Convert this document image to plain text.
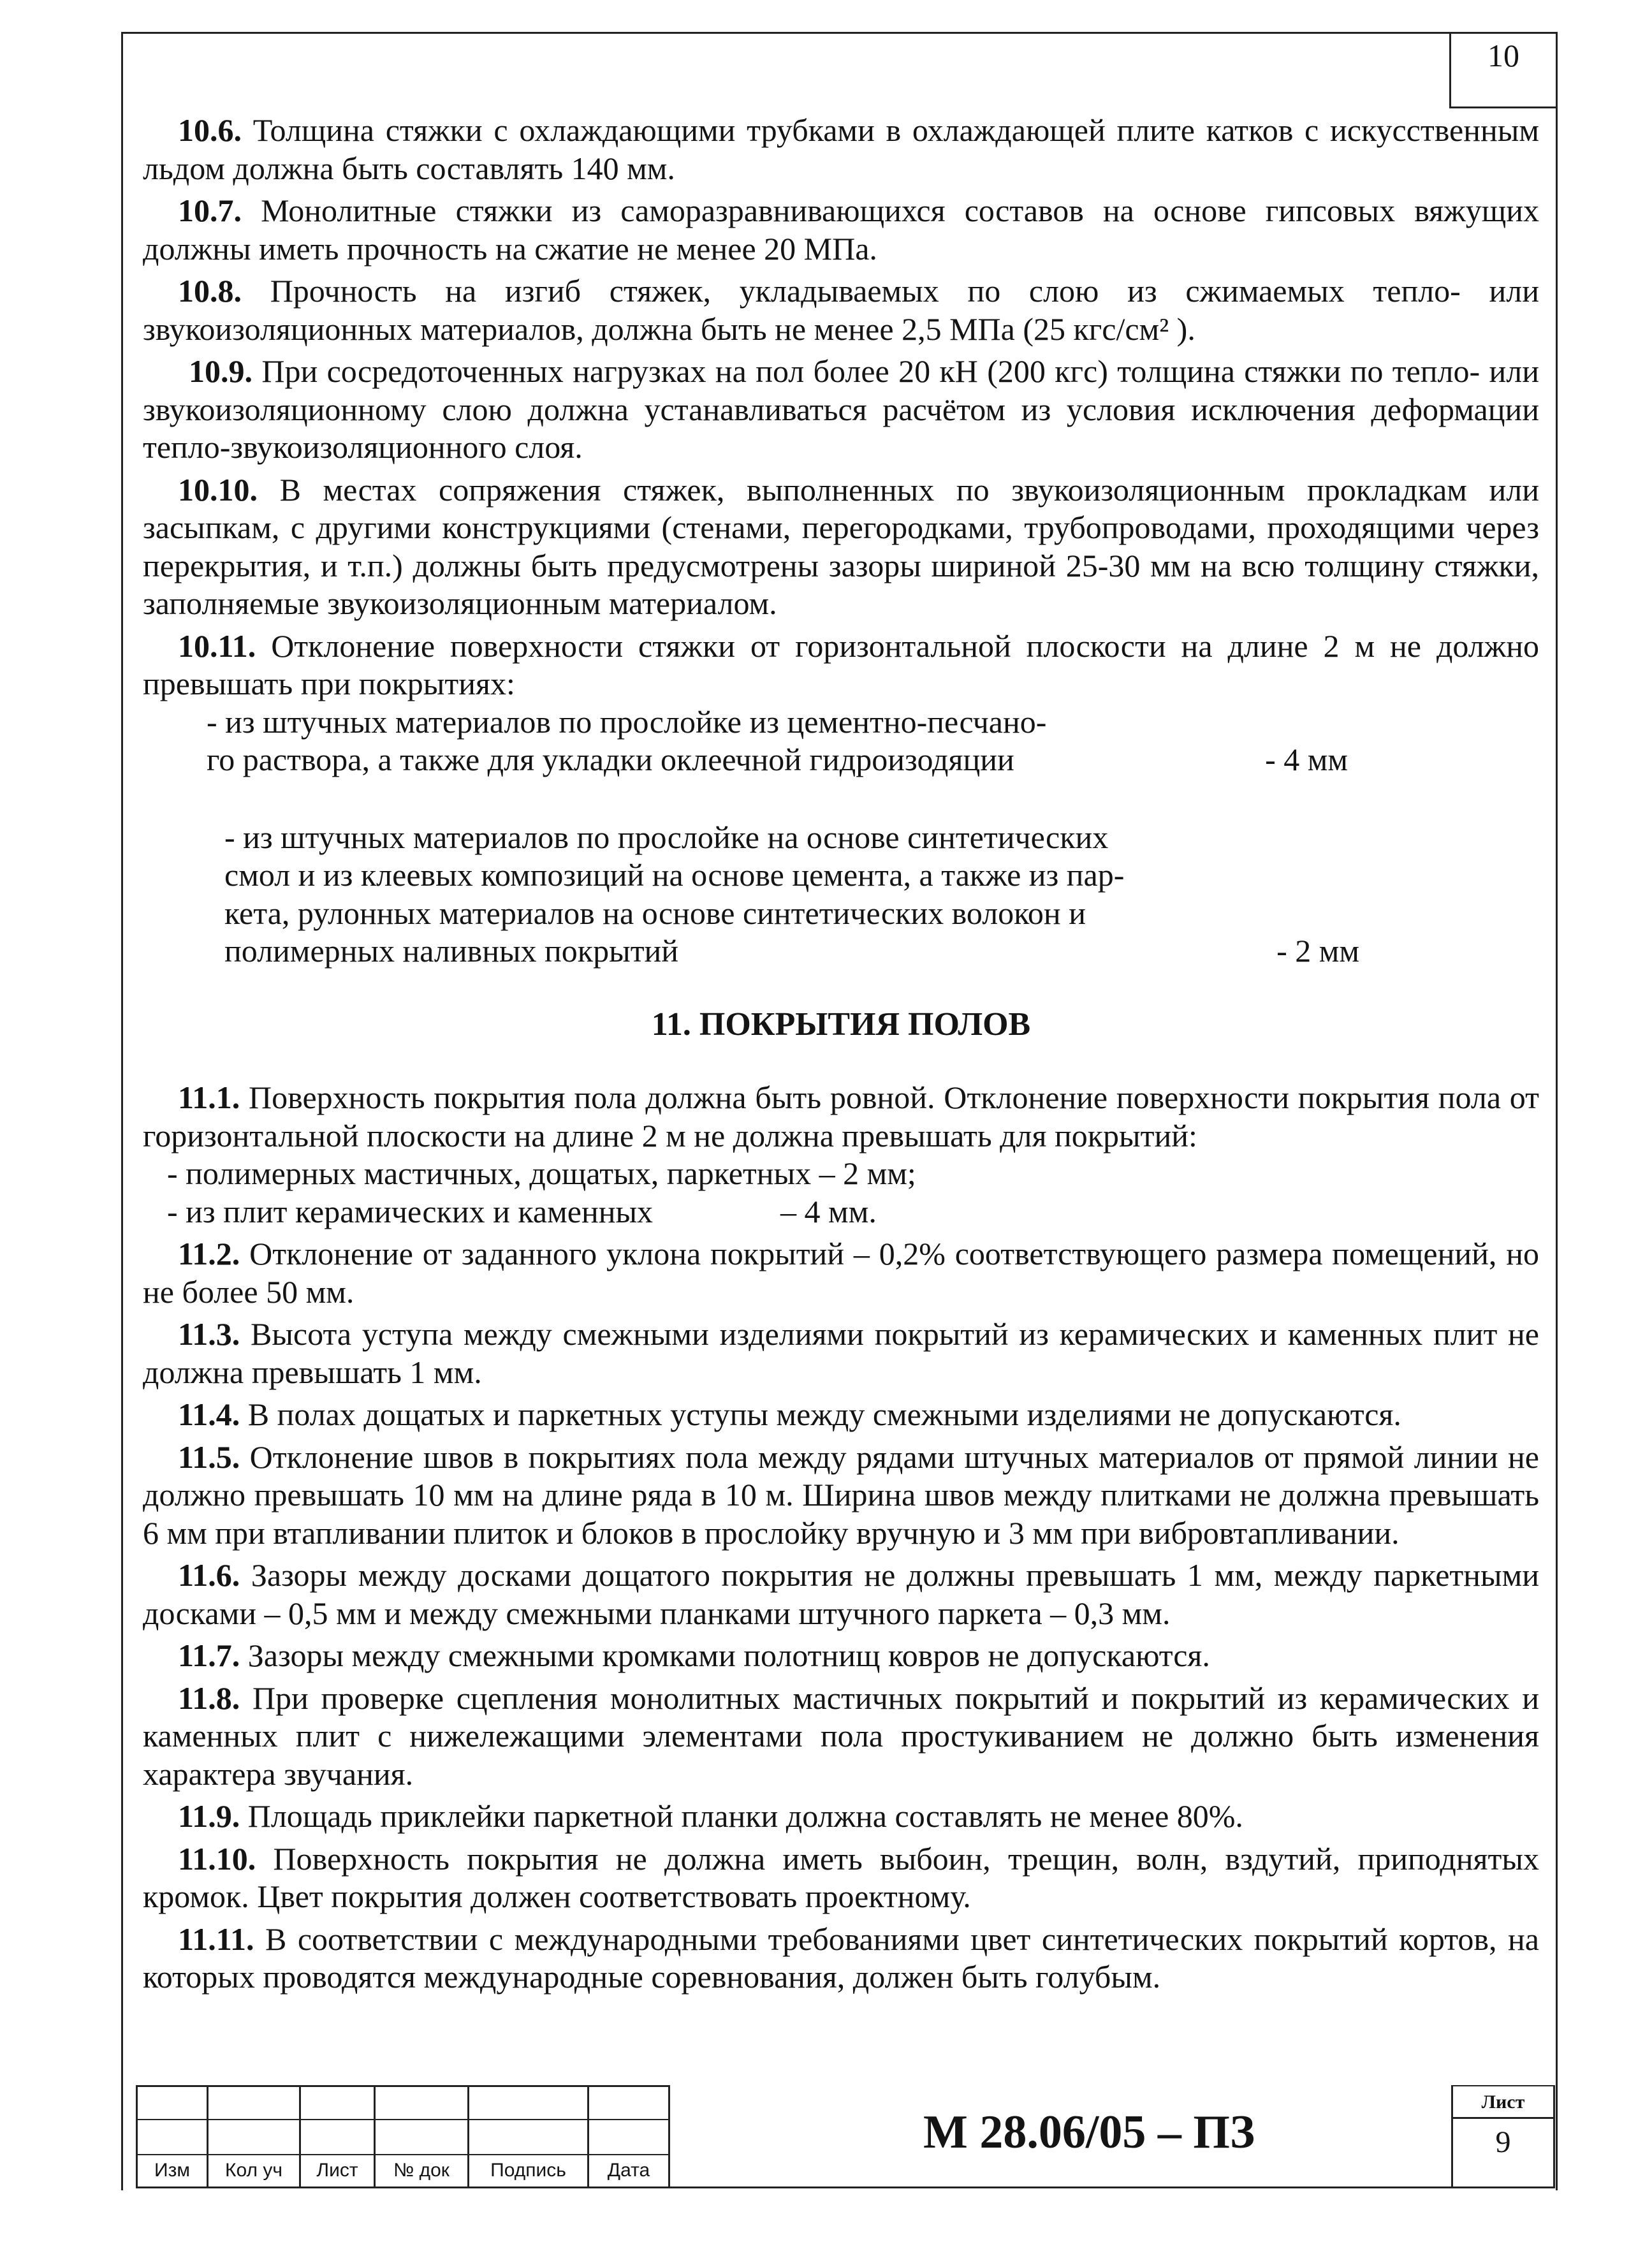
10

10.6. Толщина стяжки с охлаждающими трубками в охлаждающей плите катков с искусственным льдом должна быть составлять 140 мм.

10.7. Монолитные стяжки из саморазравнивающихся составов на основе гипсовых вяжущих должны иметь прочность на сжатие не менее 20 МПа.

10.8. Прочность на изгиб стяжек, укладываемых по слою из сжимаемых тепло- или звукоизоляционных материалов, должна быть не менее 2,5 МПа (25 кгс/см² ).

10.9. При сосредоточенных нагрузках на пол более 20 кН (200 кгс) толщина стяжки по тепло- или звукоизоляционному слою должна устанавливаться расчётом из условия исключения деформации тепло-звукоизоляционного слоя.

10.10. В местах сопряжения стяжек, выполненных по звукоизоляционным прокладкам или засыпкам, с другими конструкциями (стенами, перегородками, трубопроводами, проходящими через перекрытия, и т.п.) должны быть предусмотрены зазоры шириной 25-30 мм на всю толщину стяжки, заполняемые звукоизоляционным материалом.

10.11. Отклонение поверхности стяжки от горизонтальной плоскости на длине 2 м не должно превышать при покрытиях:

- из штучных материалов по прослойке из цементно-песчано-
го раствора, а также для укладки оклеечной гидроизодяции	- 4 мм
- из штучных материалов по прослойке на основе синтетических
смол и из клеевых композиций на основе цемента, а также из пар-
кета, рулонных материалов на основе синтетических волокон и
полимерных наливных покрытий	- 2 мм

11. ПОКРЫТИЯ ПОЛОВ

11.1. Поверхность покрытия пола должна быть ровной. Отклонение поверхности покрытия пола от горизонтальной плоскости на длине 2 м не должна превышать для покрытий:

- полимерных мастичных, дощатых, паркетных – 2 мм;

- из плит керамических и каменных                – 4 мм.

11.2. Отклонение от заданного уклона покрытий – 0,2% соответствующего размера помещений, но не более 50 мм.

11.3. Высота уступа между смежными изделиями покрытий из керамических и каменных плит не должна превышать 1 мм.

11.4. В полах дощатых и паркетных уступы между смежными изделиями не допускаются.

11.5. Отклонение швов в покрытиях пола между рядами штучных материалов от прямой линии не должно превышать 10 мм на длине ряда в 10 м. Ширина швов между плитками не должна превышать 6 мм при втапливании плиток и блоков в прослойку вручную и 3 мм при вибровтапливании.

11.6. Зазоры между досками дощатого покрытия не должны превышать 1 мм, между паркетными досками – 0,5 мм и между смежными планками штучного паркета – 0,3 мм.

11.7. Зазоры между смежными кромками полотнищ ковров не допускаются.

11.8. При проверке сцепления монолитных мастичных покрытий и покрытий из керамических и каменных плит с нижележащими элементами пола простукиванием не должно быть изменения характера звучания.

11.9. Площадь приклейки паркетной планки должна составлять не менее 80%.

11.10. Поверхность покрытия не должна иметь выбоин, трещин, волн, вздутий, приподнятых кромок. Цвет покрытия должен соответствовать проектному.

11.11. В соответствии с международными требованиями цвет синтетических покрытий кортов, на которых проводятся международные соревнования, должен быть голубым.

Изм	Кол уч	Лист	№ док	Подпись	Дата
М 28.06/05 – ПЗ
Лист
9
